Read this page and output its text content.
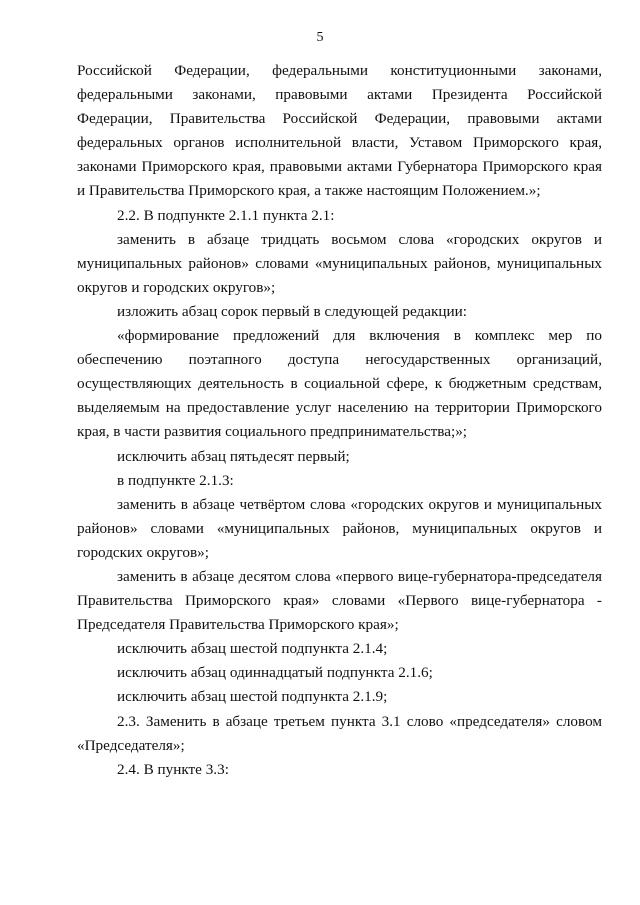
5

Российской Федерации, федеральными конституционными законами, федеральными законами, правовыми актами Президента Российской Федерации, Правительства Российской Федерации, правовыми актами федеральных органов исполнительной власти, Уставом Приморского края, законами Приморского края, правовыми актами Губернатора Приморского края и Правительства Приморского края, а также настоящим Положением.»;

2.2. В подпункте 2.1.1 пункта 2.1:

заменить в абзаце тридцать восьмом слова «городских округов и муниципальных районов» словами «муниципальных районов, муниципальных округов и городских округов»;

изложить абзац сорок первый в следующей редакции:

«формирование предложений для включения в комплекс мер по обеспечению поэтапного доступа негосударственных организаций, осуществляющих деятельность в социальной сфере, к бюджетным средствам, выделяемым на предоставление услуг населению на территории Приморского края, в части развития социального предпринимательства;»;

исключить абзац пятьдесят первый;

в подпункте 2.1.3:

заменить в абзаце четвёртом слова «городских округов и муниципальных районов» словами «муниципальных районов, муниципальных округов и городских округов»;

заменить в абзаце десятом слова «первого вице-губернатора-председателя Правительства Приморского края» словами «Первого вице-губернатора - Председателя Правительства Приморского края»;

исключить абзац шестой подпункта 2.1.4;

исключить абзац одиннадцатый подпункта 2.1.6;

исключить абзац шестой подпункта 2.1.9;

2.3. Заменить в абзаце третьем пункта 3.1 слово «председателя» словом «Председателя»;

2.4. В пункте 3.3:
